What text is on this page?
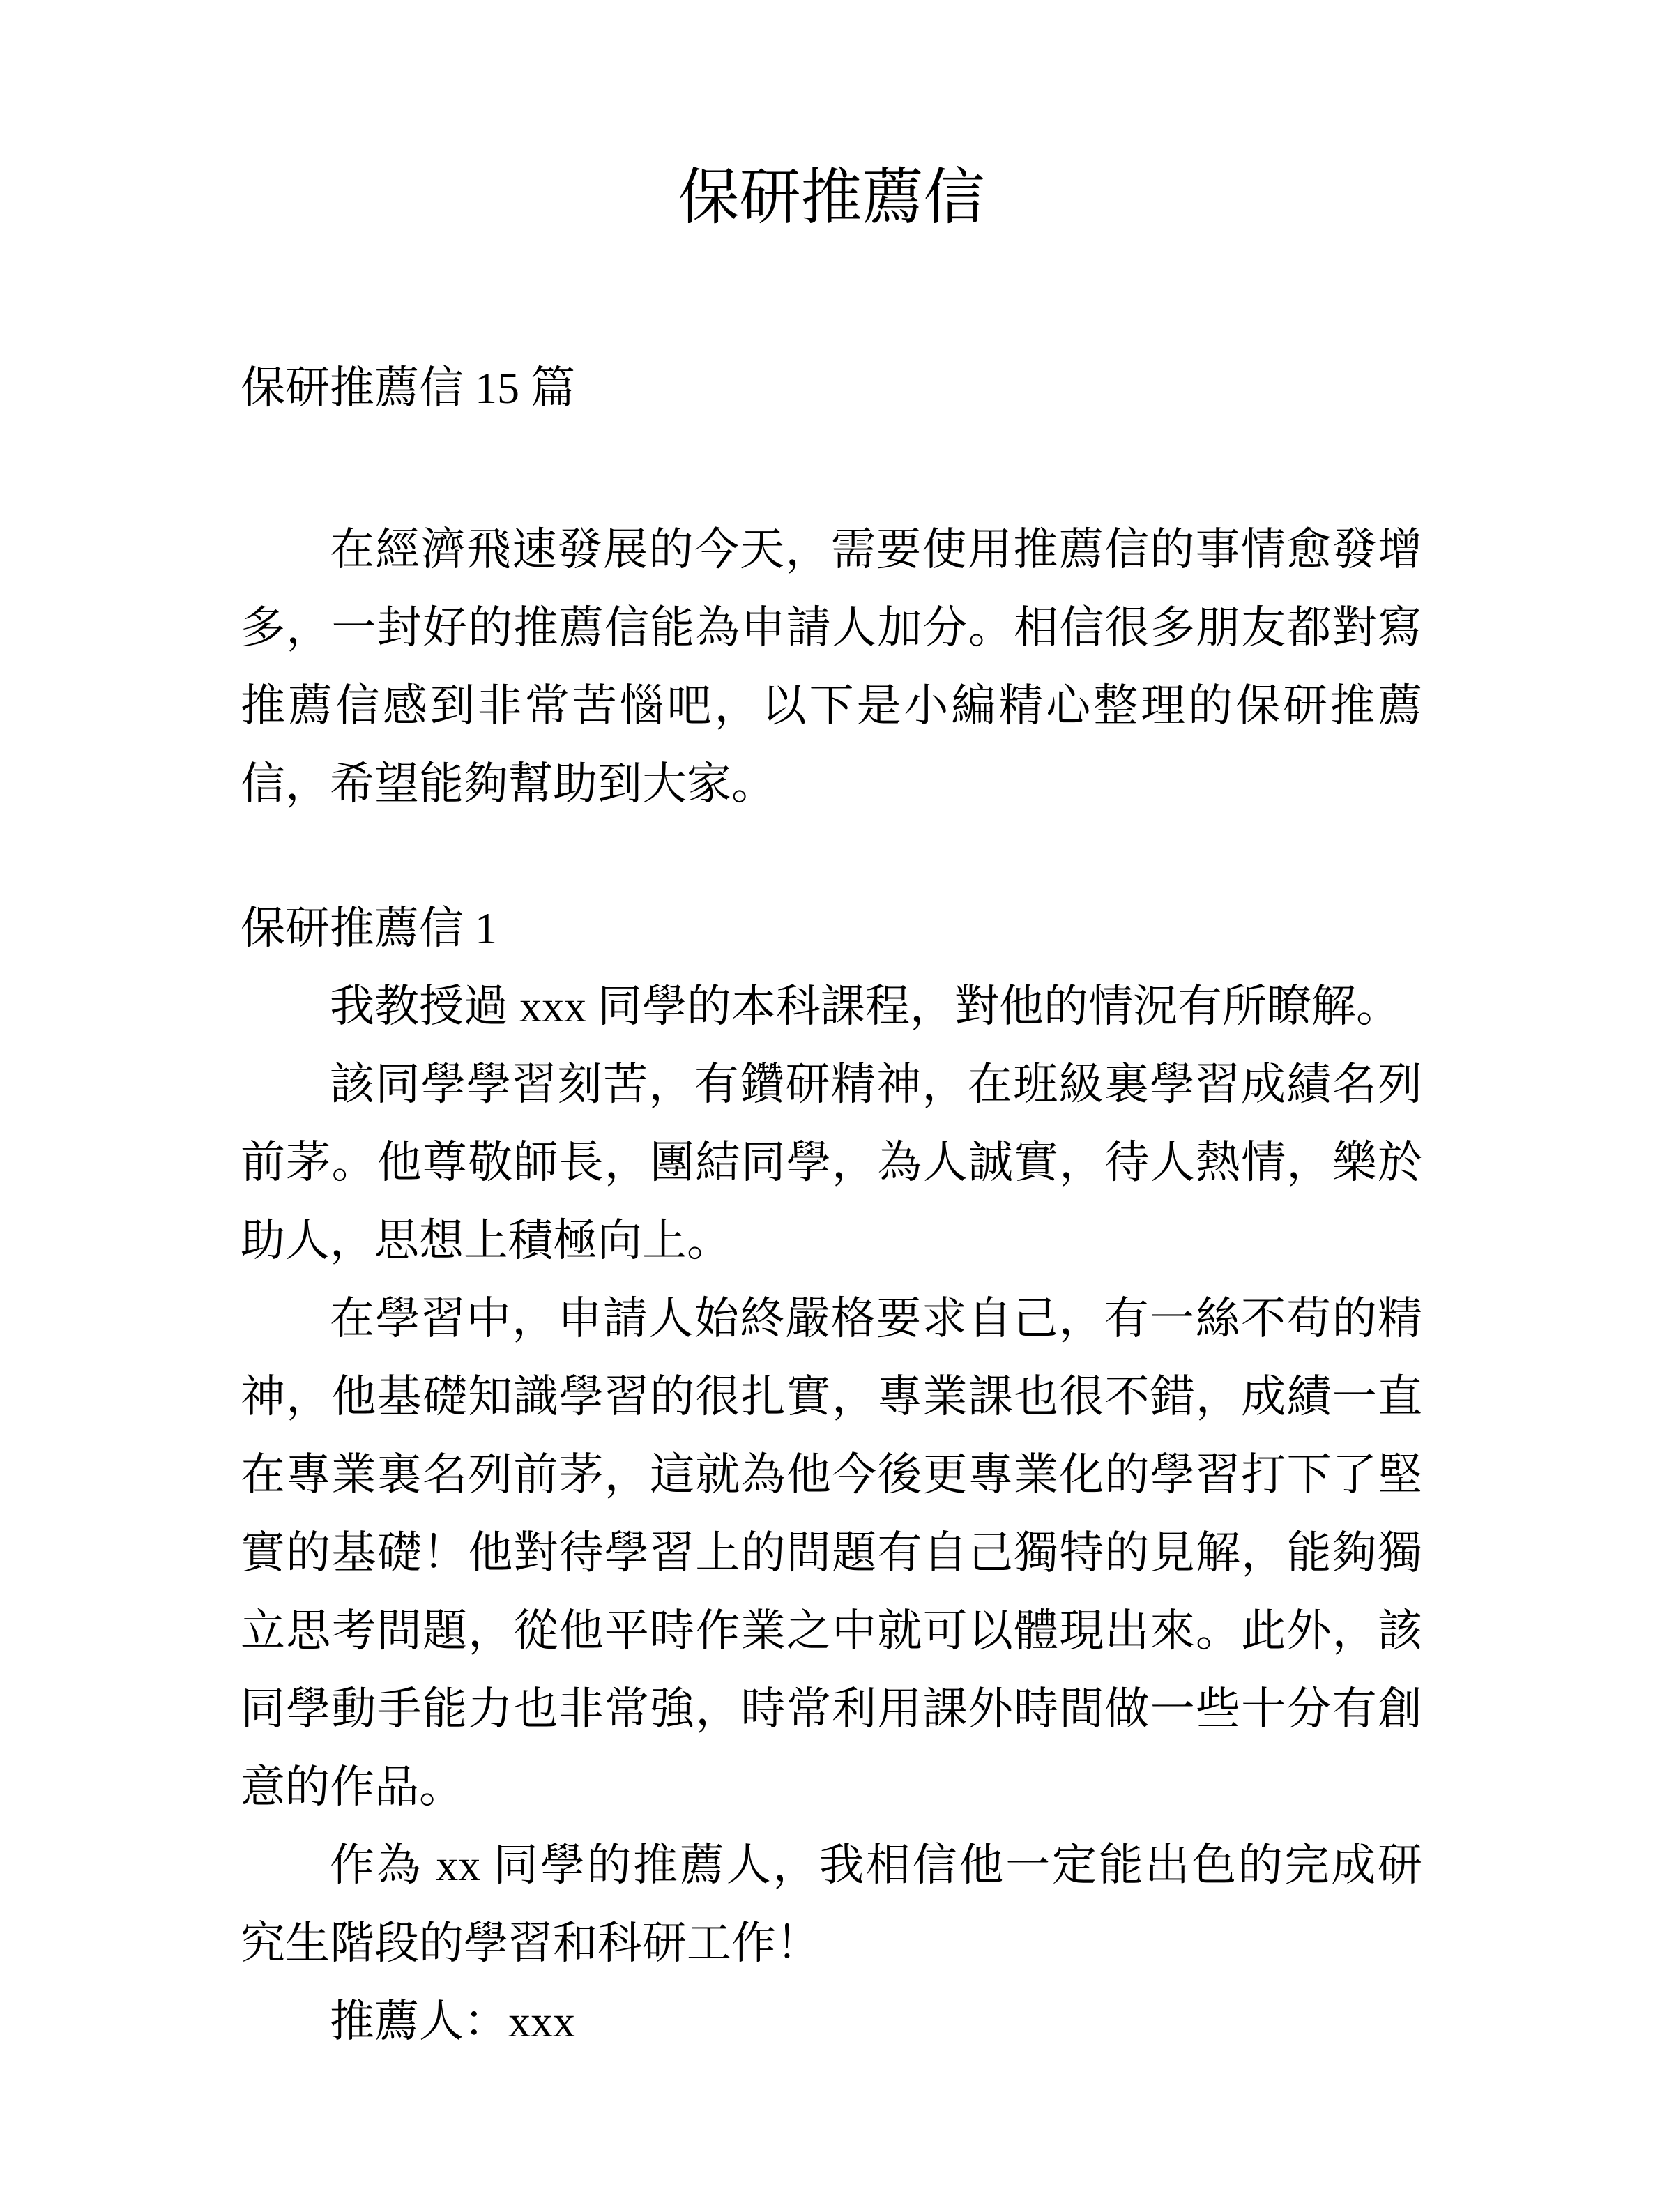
保研推薦信

保研推薦信 15 篇

在經濟飛速發展的今天，需要使用推薦信的事情愈發增多，一封好的推薦信能為申請人加分。相信很多朋友都對寫推薦信感到非常苦惱吧，以下是小編精心整理的保研推薦信，希望能夠幫助到大家。

保研推薦信 1

我教授過 xxx 同學的本科課程，對他的情況有所瞭解。

該同學學習刻苦，有鑽研精神，在班級裏學習成績名列前茅。他尊敬師長，團結同學，為人誠實，待人熱情，樂於助人，思想上積極向上。

在學習中，申請人始終嚴格要求自己，有一絲不苟的精神，他基礎知識學習的很扎實，專業課也很不錯，成績一直在專業裏名列前茅，這就為他今後更專業化的學習打下了堅實的基礎！他對待學習上的問題有自己獨特的見解，能夠獨立思考問題，從他平時作業之中就可以體現出來。此外，該同學動手能力也非常強，時常利用課外時間做一些十分有創意的作品。

作為 xx 同學的推薦人，我相信他一定能出色的完成研究生階段的學習和科研工作！

推薦人：xxx
